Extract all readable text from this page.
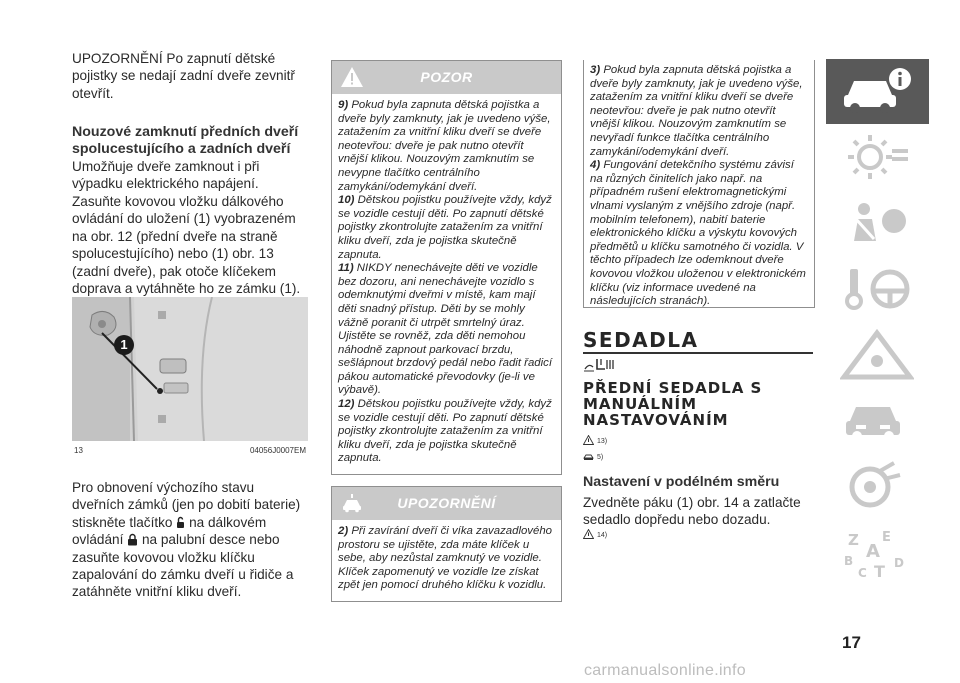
UPOZORNĚNÍ Po zapnutí dětské pojistky se nedají zadní dveře zevnitř otevřít.

Nouzové zamknutí předních dveří spolucestujícího a zadních dveří

Umožňuje dveře zamknout i při výpadku elektrického napájení.

Zasuňte kovovou vložku dálkového ovládání do uložení (1) vyobrazeném na obr. 12 (přední dveře na straně spolucestujícího) nebo (1) obr. 13 (zadní dveře), pak otoče klíčekem doprava a vytáhněte ho ze zámku (1).

1
13	04056J0007EM

Pro obnovení výchozího stavu dveřních zámků (jen po dobití baterie) stiskněte tlačítko na dálkovém ovládání na palubní desce nebo zasuňte kovovou vložku klíčku zapalování do zámku dveří u řidiče a zatáhněte vnitřní kliku dveří.

POZOR

9) Pokud byla zapnuta dětská pojistka a dveře byly zamknuty, jak je uvedeno výše, zatažením za vnitřní kliku dveří se dveře neotevřou: dveře je pak nutno otevřít vnější klikou. Nouzovým zamknutím se nevypne tlačítko centrálního zamykání/odemykání dveří.

10) Dětskou pojistku používejte vždy, když se vozidle cestují děti. Po zapnutí dětské pojistky zkontrolujte zatažením za vnitřní kliku dveří, zda je pojistka skutečně zapnuta.

11) NIKDY nenechávejte děti ve vozidle bez dozoru, ani nenechávejte vozidlo s odemknutými dveřmi v místě, kam mají děti snadný přístup. Děti by se mohly vážně poranit či utrpět smrtelný úraz. Ujistěte se rovněž, zda děti nemohou náhodně zapnout parkovací brzdu, sešlápnout brzdový pedál nebo řadit řadicí pákou automatické převodovky (je-li ve výbavě).

12) Dětskou pojistku používejte vždy, když se vozidle cestují děti. Po zapnutí dětské pojistky zkontrolujte zatažením za vnitřní kliku dveří, zda je pojistka skutečně zapnuta.

UPOZORNĚNÍ

2) Při zavírání dveří či víka zavazadlového prostoru se ujistěte, zda máte klíček u sebe, aby nezůstal zamknutý ve vozidle. Klíček zapomenutý ve vozidle lze získat zpět jen pomocí druhého klíčku k vozidlu.

3) Pokud byla zapnuta dětská pojistka a dveře byly zamknuty, jak je uvedeno výše, zatažením za vnitřní kliku dveří se dveře neotevřou: dveře je pak nutno otevřít vnější klikou. Nouzovým zamknutím se nevyřadí funkce tlačítka centrálního zamykání/odemykání dveří.

4) Fungování detekčního systému závisí na různých činitelích jako např. na případném rušení elektromagnetickými vlnami vyslaným z vnějšího zdroje (např. mobilním telefonem), nabití baterie elektronického klíčku a výskytu kovových předmětů u klíčku samotného či vozidla. V těchto případech lze odemknout dveře kovovou vložkou uloženou v elektronickém klíčku (viz informace uvedené na následujících stranách).

SEDADLA
PŘEDNÍ SEDADLA S MANUÁLNÍM NASTAVOVÁNÍM
13)
5)
Nastavení v podélném směru

Zvedněte páku (1) obr. 14 a zatlačte sedadlo dopředu nebo dozadu.

14)	Z E
A
B
C T D
17
carmanualsonline.info
